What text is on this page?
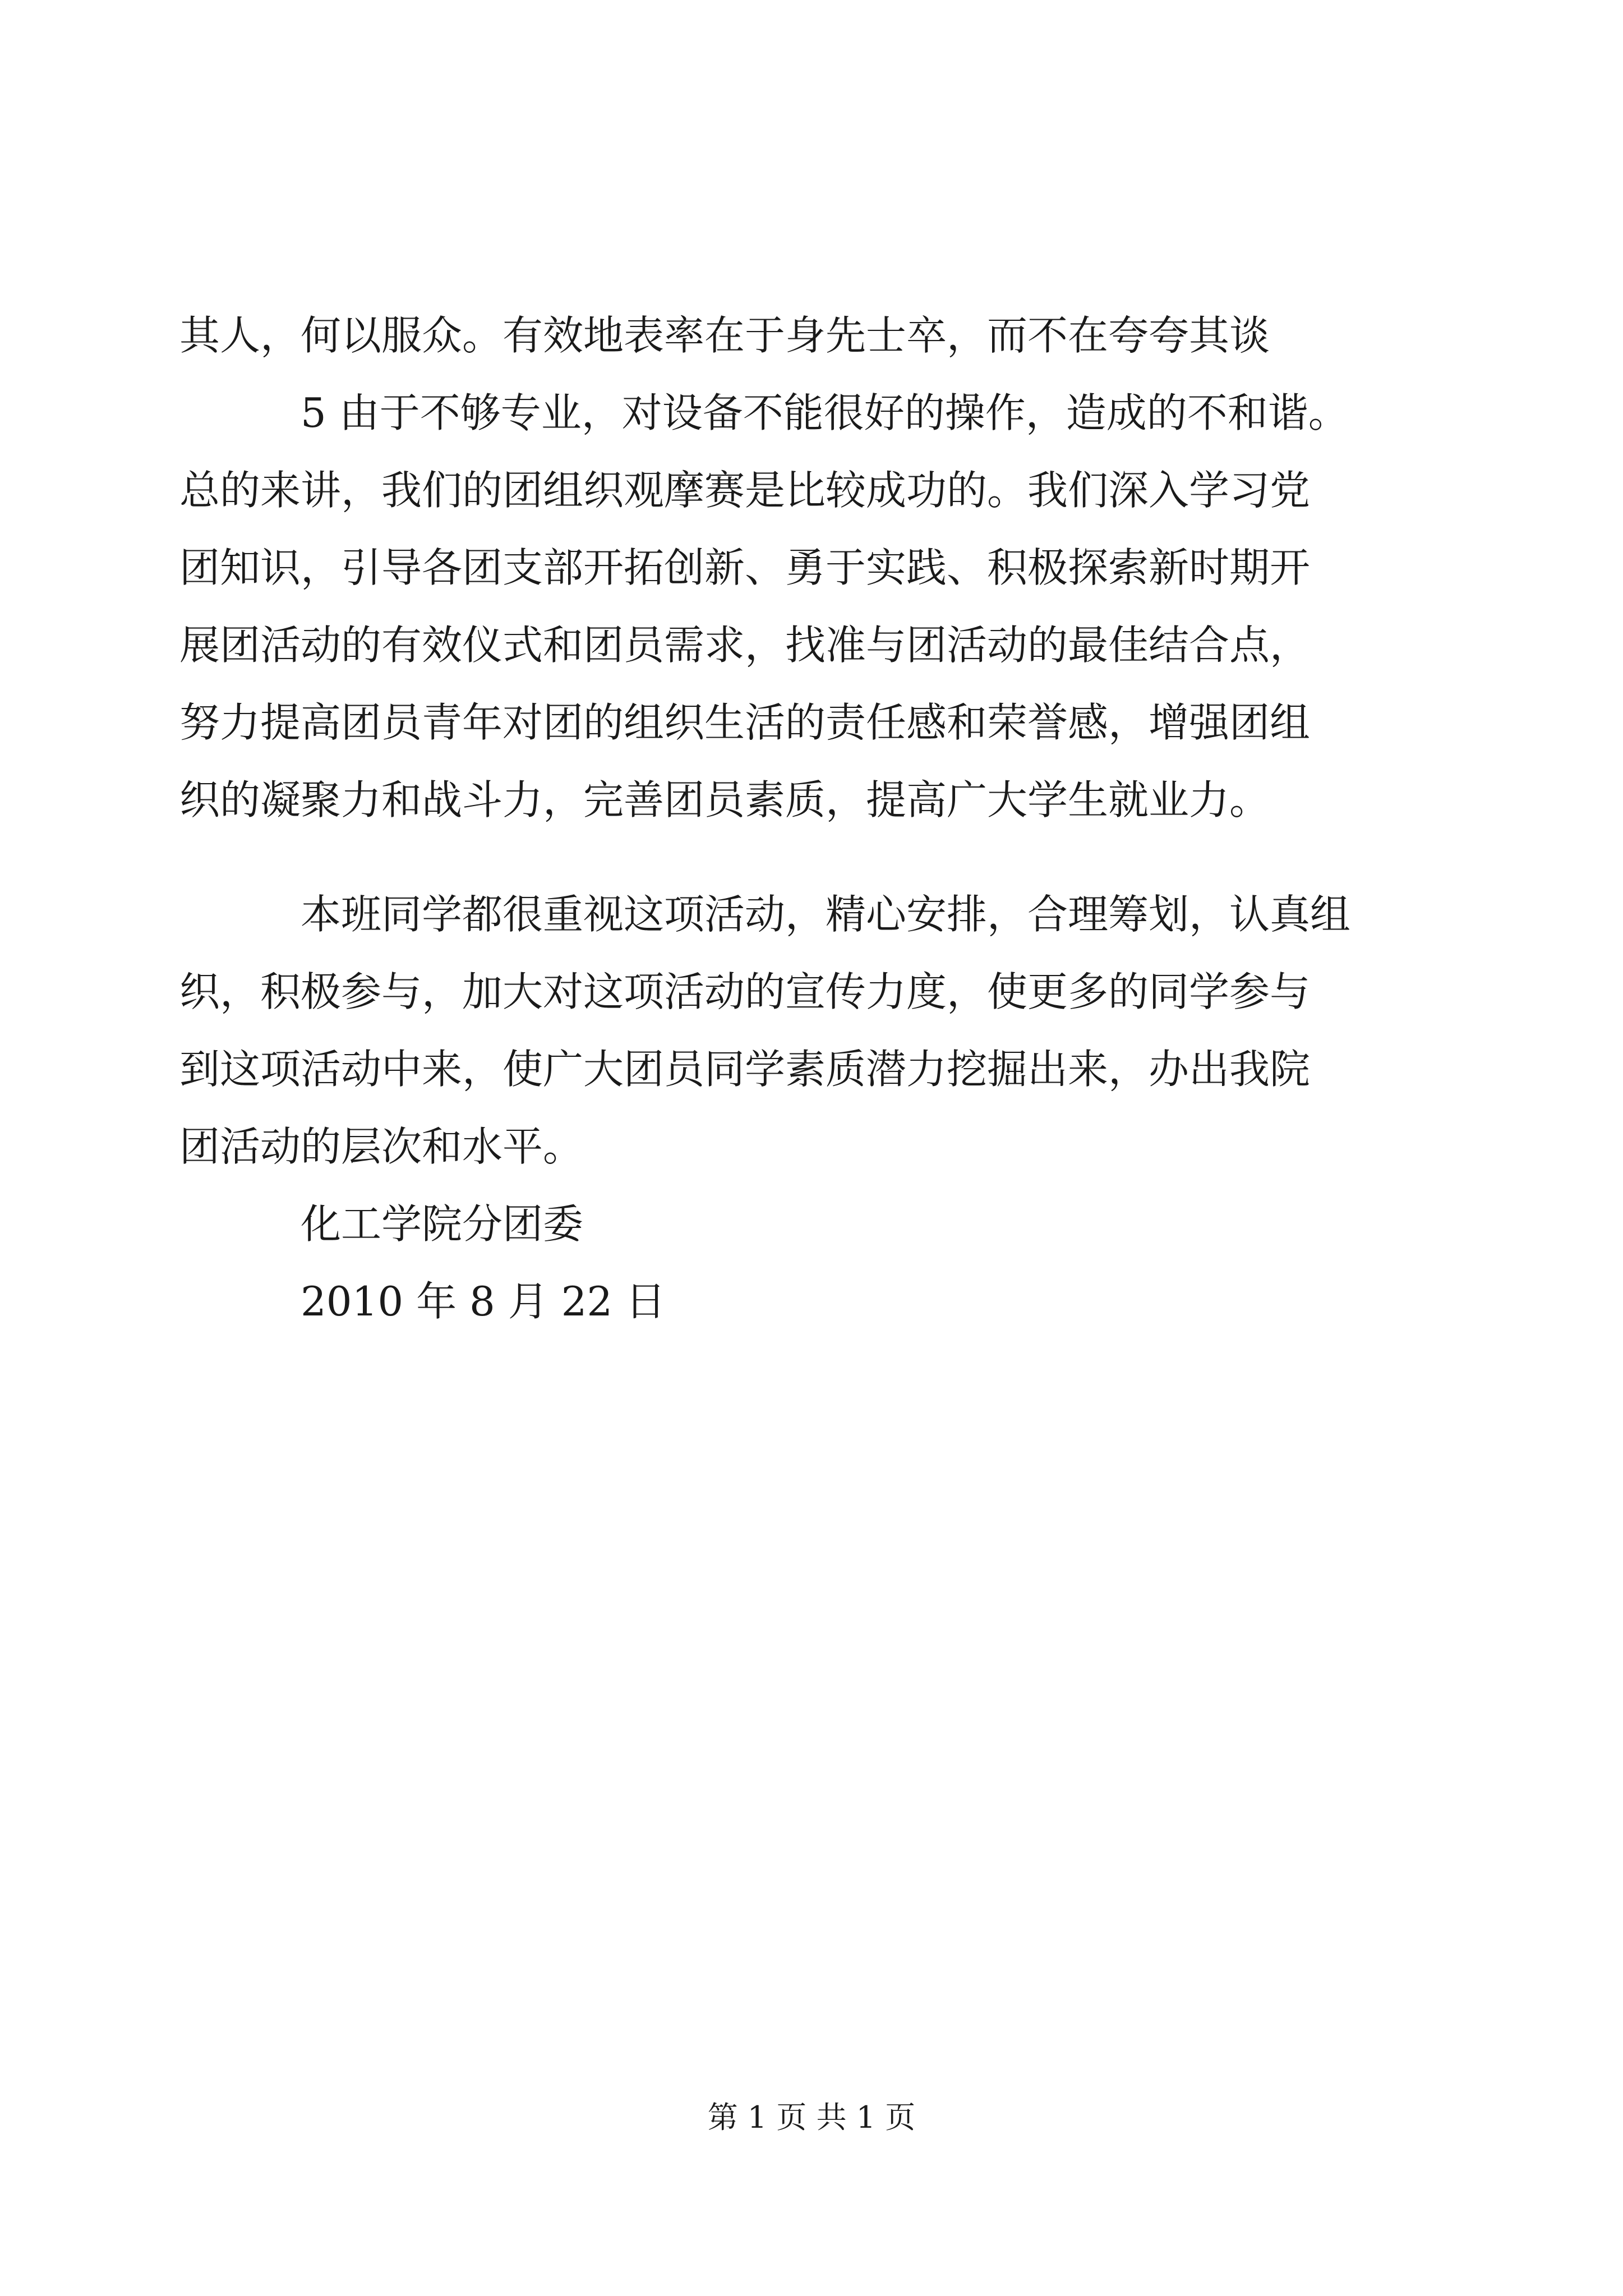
其人，何以服众。有效地表率在于身先士卒，而不在夸夸其谈
5 由于不够专业，对设备不能很好的操作，造成的不和谐。
总的来讲，我们的团组织观摩赛是比较成功的。我们深入学习党
团知识，引导各团支部开拓创新、勇于实践、积极探索新时期开
展团活动的有效仪式和团员需求，找准与团活动的最佳结合点，
努力提高团员青年对团的组织生活的责任感和荣誉感，增强团组
织的凝聚力和战斗力，完善团员素质，提高广大学生就业力。
本班同学都很重视这项活动，精心安排，合理筹划，认真组
织，积极参与，加大对这项活动的宣传力度，使更多的同学参与
到这项活动中来，使广大团员同学素质潜力挖掘出来，办出我院
团活动的层次和水平。
化工学院分团委
2010 年 8 月 22 日
第 1 页 共 1 页
